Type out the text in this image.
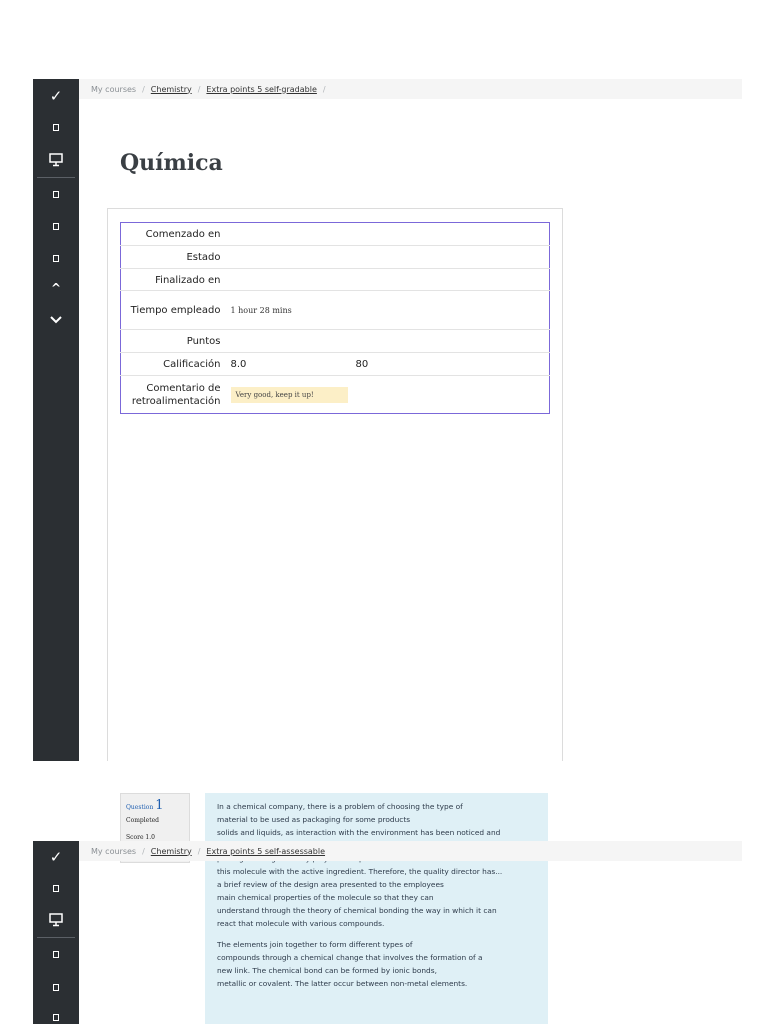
✓
^
My courses / Chemistry / Extra points 5 self-gradable /
Química
Comenzado en		
Estado		
Finalizado en		
Tiempo empleado	1 hour 28 mins	
Puntos		
Calificación	8.0	80
Comentario de retroalimentación	Very good, keep it up!	
Question 1
Completed
Score 1.0

In a chemical company, there is a problem of choosing the type of
material to be used as packaging for some products
solids and liquids, as interaction with the environment has been noticed and
this molecule with the active ingredient. Therefore, the quality director has...
a brief review of the design area presented to the employees
main chemical properties of the molecule so that they can
understand through the theory of chemical bonding the way in which it can
react that molecule with various compounds.

The elements join together to form different types of
compounds through a chemical change that involves the formation of a
new link. The chemical bond can be formed by ionic bonds,
metallic or covalent. The latter occur between non-metal elements.

✓	My courses / Chemistry / Extra points 5 self-assessable
